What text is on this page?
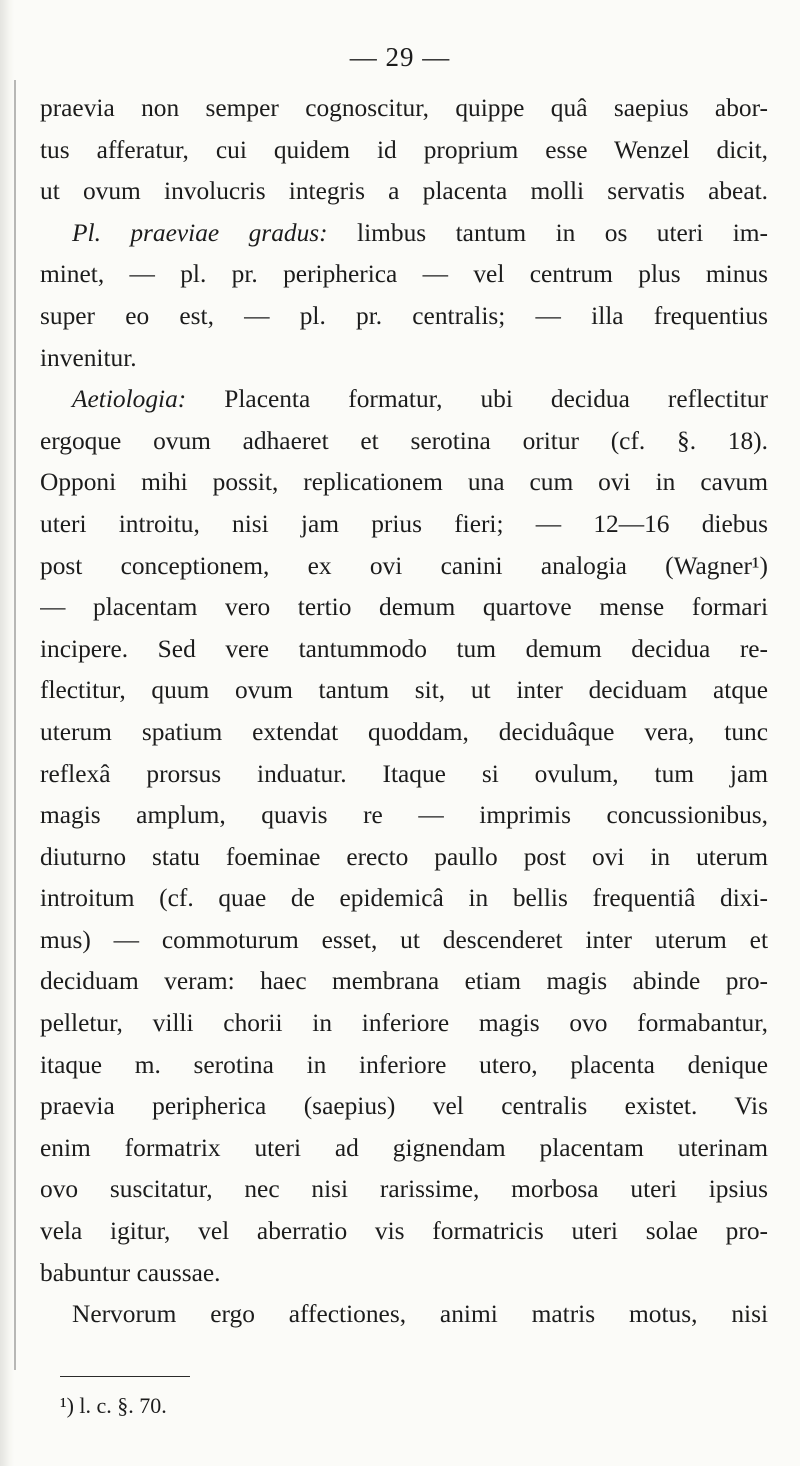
— 29 —
praevia non semper cognoscitur, quippe quâ saepius abor-
tus afferatur, cui quidem id proprium esse Wenzel dicit,
ut ovum involucris integris a placenta molli servatis abeat.
Pl. praeviae gradus: limbus tantum in os uteri im-
minet, — pl. pr. peripherica — vel centrum plus minus
super eo est, — pl. pr. centralis; — illa frequentius
invenitur.
Aetiologia: Placenta formatur, ubi decidua reflectitur
ergoque ovum adhaeret et serotina oritur (cf. §. 18).
Opponi mihi possit, replicationem una cum ovi in cavum
uteri introitu, nisi jam prius fieri; — 12—16 diebus
post conceptionem, ex ovi canini analogia (Wagner¹)
— placentam vero tertio demum quartove mense formari
incipere. Sed vere tantummodo tum demum decidua re-
flectitur, quum ovum tantum sit, ut inter deciduam atque
uterum spatium extendat quoddam, deciduâque vera, tunc
reflexâ prorsus induatur. Itaque si ovulum, tum jam
magis amplum, quavis re — imprimis concussionibus,
diuturno statu foeminae erecto paullo post ovi in uterum
introitum (cf. quae de epidemicâ in bellis frequentiâ dixi-
mus) — commoturum esset, ut descenderet inter uterum et
deciduam veram: haec membrana etiam magis abinde pro-
pelletur, villi chorii in inferiore magis ovo formabantur,
itaque m. serotina in inferiore utero, placenta denique
praevia peripherica (saepius) vel centralis existet. Vis
enim formatrix uteri ad gignendam placentam uterinam
ovo suscitatur, nec nisi rarissime, morbosa uteri ipsius
vela igitur, vel aberratio vis formatricis uteri solae pro-
babuntur caussae.
Nervorum ergo affectiones, animi matris motus, nisi
¹) l. c. §. 70.
